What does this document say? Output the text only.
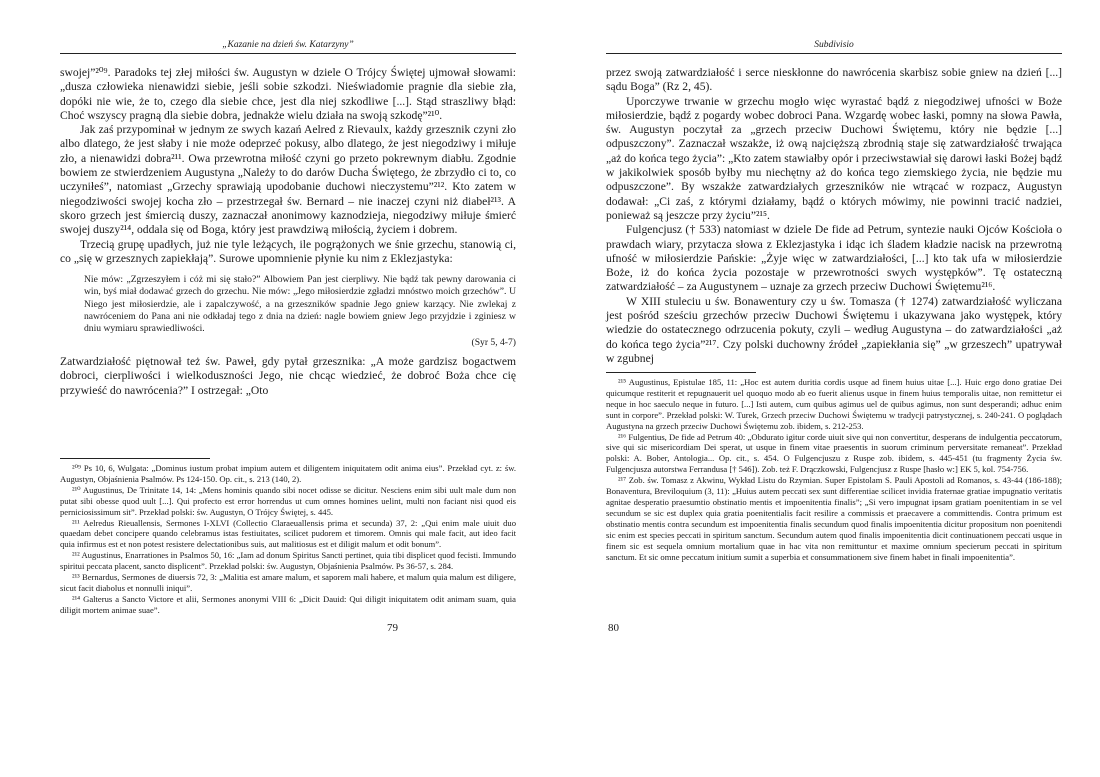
„Kazanie na dzień św. Katarzyny”

swojej”²⁰⁹. Paradoks tej złej miłości św. Augustyn w dziele O Trójcy Świętej ujmował słowami: „dusza człowieka nienawidzi siebie, jeśli sobie szkodzi. Nieświadomie pragnie dla siebie zła, dopóki nie wie, że to, czego dla siebie chce, jest dla niej szkodliwe [...]. Stąd straszliwy błąd: Choć wszyscy pragną dla siebie dobra, jednakże wielu działa na swoją szkodę”²¹⁰.

Jak zaś przypominał w jednym ze swych kazań Aelred z Rievaulx, każdy grzesznik czyni zło albo dlatego, że jest słaby i nie może odeprzeć pokusy, albo dlatego, że jest niegodziwy i miłuje zło, a nienawidzi dobra²¹¹. Owa przewrotna miłość czyni go przeto pokrewnym diabłu. Zgodnie bowiem ze stwierdzeniem Augustyna „Należy to do darów Ducha Świętego, że zbrzydło ci to, co uczyniłeś”, natomiast „Grzechy sprawiają upodobanie duchowi nieczystemu”²¹². Kto zatem w niegodziwości swojej kocha zło – przestrzegał św. Bernard – nie inaczej czyni niż diabeł²¹³. A skoro grzech jest śmiercią duszy, zaznaczał anonimowy kaznodzieja, niegodziwy miłuje śmierć swojej duszy²¹⁴, oddala się od Boga, który jest prawdziwą miłością, życiem i dobrem.

Trzecią grupę upadłych, już nie tyle leżących, ile pogrążonych we śnie grzechu, stanowią ci, co „się w grzesznych zapiekłają”. Surowe upomnienie płynie ku nim z Eklezjastyka:

Nie mów: „Zgrzeszyłem i cóż mi się stało?” Albowiem Pan jest cierpliwy. Nie bądź tak pewny darowania ci win, byś miał dodawać grzech do grzechu. Nie mów: „Jego miłosierdzie zgładzi mnóstwo moich grzechów”. U Niego jest miłosierdzie, ale i zapalczywość, a na grzeszników spadnie Jego gniew karzący. Nie zwlekaj z nawróceniem do Pana ani nie odkładaj tego z dnia na dzień: nagle bowiem gniew Jego przyjdzie i zginiesz w dniu wymiaru sprawiedliwości.
(Syr 5, 4-7)

Zatwardziałość piętnował też św. Paweł, gdy pytał grzesznika: „A może gardzisz bogactwem dobroci, cierpliwości i wielkoduszności Jego, nie chcąc wiedzieć, że dobroć Boża chce cię przywieść do nawrócenia?” I ostrzegał: „Oto

²⁰⁹ Ps 10, 6, Wulgata: „Dominus iustum probat impium autem et diligentem iniquitatem odit anima eius”. Przekład cyt. z: św. Augustyn, Objaśnienia Psalmów. Ps 124-150. Op. cit., s. 213 (140, 2).

²¹⁰ Augustinus, De Trinitate 14, 14: „Mens hominis quando sibi nocet odisse se dicitur. Nesciens enim sibi uult male dum non putat sibi obesse quod uult [...]. Qui profecto est error horrendus ut cum omnes homines uelint, multi non faciant nisi quod eis perniciosissimum sit”. Przekład polski: św. Augustyn, O Trójcy Świętej, s. 445.

²¹¹ Aelredus Rieuallensis, Sermones I-XLVI (Collectio Claraeuallensis prima et secunda) 37, 2: „Qui enim male uiuit duo quaedam debet concipere quando celebramus istas festiuitates, scilicet pudorem et timorem. Omnis qui male facit, aut ideo facit quia infirmus est et non potest resistere delectationibus suis, aut malitiosus est et diligit malum et odit bonum”.

²¹² Augustinus, Enarrationes in Psalmos 50, 16: „Iam ad donum Spiritus Sancti pertinet, quia tibi displicet quod fecisti. Immundo spiritui peccata placent, sancto displicent”. Przekład polski: św. Augustyn, Objaśnienia Psalmów. Ps 36-57, s. 284.

²¹³ Bernardus, Sermones de diuersis 72, 3: „Malitia est amare malum, et saporem mali habere, et malum quia malum est diligere, sicut facit diabolus et nonnulli iniqui”.

²¹⁴ Galterus a Sancto Victore et alii, Sermones anonymi VIII 6: „Dicit Dauid: Qui diligit iniquitatem odit animam suam, quia diligit mortem animae suae”.

79
Subdivisio

przez swoją zatwardziałość i serce nieskłonne do nawrócenia skarbisz sobie gniew na dzień [...] sądu Boga” (Rz 2, 45).

Uporczywe trwanie w grzechu mogło więc wyrastać bądź z niegodziwej ufności w Boże miłosierdzie, bądź z pogardy wobec dobroci Pana. Wzgardę wobec łaski, pomny na słowa Pawła, św. Augustyn poczytał za „grzech przeciw Duchowi Świętemu, który nie będzie [...] odpuszczony”. Zaznaczał wszakże, iż ową najcięższą zbrodnią staje się zatwardziałość trwająca „aż do końca tego życia”: „Kto zatem stawiałby opór i przeciwstawiał się darowi łaski Bożej bądź w jakikolwiek sposób byłby mu niechętny aż do końca tego ziemskiego życia, nie będzie mu odpuszczone”. By wszakże zatwardziałych grzeszników nie wtrącać w rozpacz, Augustyn dodawał: „Ci zaś, z którymi działamy, bądź o których mówimy, nie powinni tracić nadziei, ponieważ są jeszcze przy życiu”²¹⁵.

Fulgencjusz († 533) natomiast w dziele De fide ad Petrum, syntezie nauki Ojców Kościoła o prawdach wiary, przytacza słowa z Eklezjastyka i idąc ich śladem kładzie nacisk na przewrotną ufność w miłosierdzie Pańskie: „Żyje więc w zatwardziałości, [...] kto tak ufa w miłosierdzie Boże, iż do końca życia pozostaje w przewrotności swych występków”. Tę ostateczną zatwardziałość – za Augustynem – uznaje za grzech przeciw Duchowi Świętemu²¹⁶.

W XIII stuleciu u św. Bonawentury czy u św. Tomasza († 1274) zatwardziałość wyliczana jest pośród sześciu grzechów przeciw Duchowi Świętemu i ukazywana jako występek, który wiedzie do ostatecznego odrzucenia pokuty, czyli – według Augustyna – do zatwardziałości „aż do końca tego życia”²¹⁷. Czy polski duchowny źródeł „zapiekłania się” „w grzeszech” upatrywał w zgubnej

²¹⁵ Augustinus, Epistulae 185, 11: „Hoc est autem duritia cordis usque ad finem huius uitae [...]. Huic ergo dono gratiae Dei quicumque restiterit et repugnauerit uel quoquo modo ab eo fuerit alienus usque in finem huius temporalis uitae, non remittetur ei neque in hoc saeculo neque in futuro. [...] Isti autem, cum quibus agimus uel de quibus agimus, non sunt desperandi; adhuc enim sunt in corpore”. Przekład polski: W. Turek, Grzech przeciw Duchowi Świętemu w tradycji patrystycznej, s. 240-241. O poglądach Augustyna na grzech przeciw Duchowi Świętemu zob. ibidem, s. 212-253.

²¹⁶ Fulgentius, De fide ad Petrum 40: „Obdurato igitur corde uiuit sive qui non convertitur, desperans de indulgentia peccatorum, sive qui sic misericordiam Dei sperat, ut usque in finem vitae praesentis in suorum criminum perversitate remaneat”. Przekład polski: A. Bober, Antologia... Op. cit., s. 454. O Fulgencjuszu z Ruspe zob. ibidem, s. 445-451 (tu fragmenty Życia św. Fulgencjusza autorstwa Ferrandusa [† 546]). Zob. też F. Drączkowski, Fulgencjusz z Ruspe [hasło w:] EK 5, kol. 754-756.

²¹⁷ Zob. św. Tomasz z Akwinu, Wykład Listu do Rzymian. Super Epistolam S. Pauli Apostoli ad Romanos, s. 43-44 (186-188); Bonaventura, Breviloquium (3, 11): „Huius autem peccati sex sunt differentiae scilicet invidia fraternae gratiae impugnatio veritatis agnitae desperatio praesumtio obstinatio mentis et impoenitentia finalis”; „Si vero impugnat ipsam gratiam poenitentiam in se vel secundum se sic est duplex quia gratia poenitentialis facit resilire a commissis et praecavere a committendis. Contra primum est obstinatio mentis contra secundum est impoenitentia finalis secundum quod finalis impoenitentia dicitur propositum non poenitendi sic enim est species peccati in spiritum sanctum. Secundum autem quod finalis impoenitentia dicit continuationem peccati usque in finem sic est sequela omnium mortalium quae in hac vita non remittuntur et maxime omnium specierum peccati in spiritum sanctum. Et sic omne peccatum initium sumit a superbia et consummationem sive finem habet in finali impoenitentia”.

80
